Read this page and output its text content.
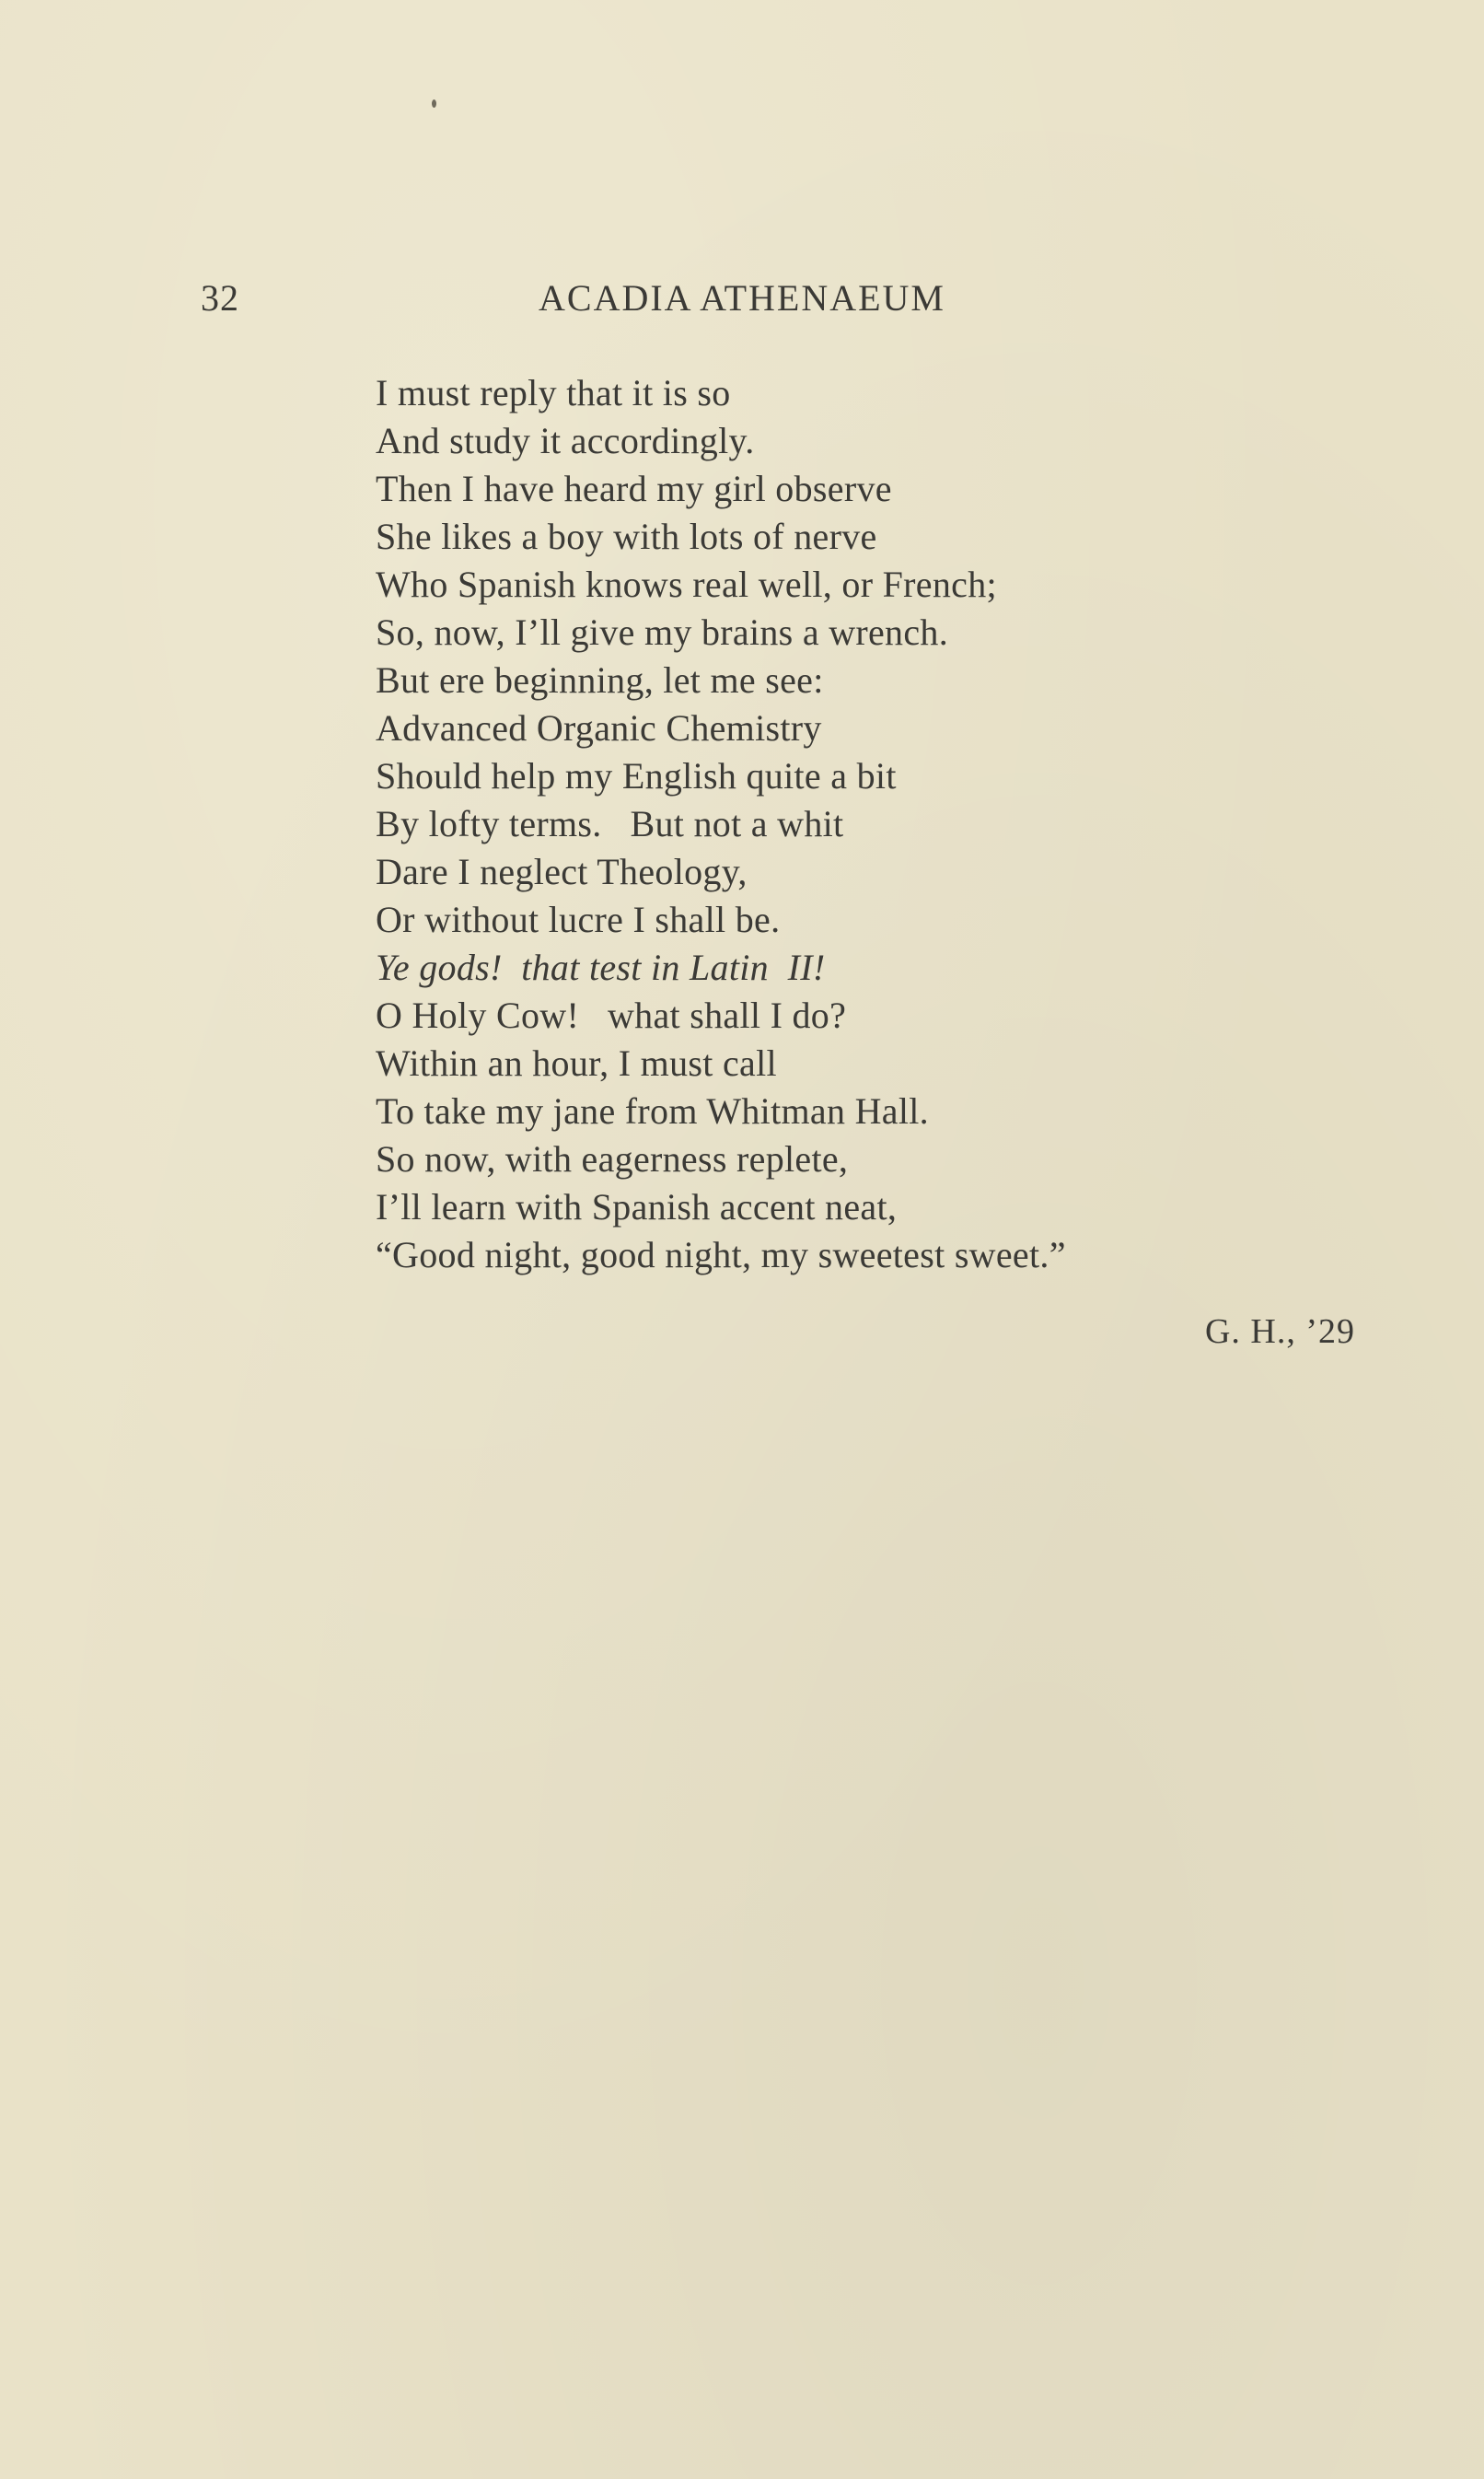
32	ACADIA ATHENAEUM
I must reply that it is so
And study it accordingly.
Then I have heard my girl observe
She likes a boy with lots of nerve
Who Spanish knows real well, or French;
So, now, I’ll give my brains a wrench.
But ere beginning, let me see:
Advanced Organic Chemistry
Should help my English quite a bit
By lofty terms.   But not a whit
Dare I neglect Theology,
Or without lucre I shall be.
Ye gods!  that test in Latin  II!
O Holy Cow!   what shall I do?
Within an hour, I must call
To take my jane from Whitman Hall.
So now, with eagerness replete,
I’ll learn with Spanish accent neat,
“Good night, good night, my sweetest sweet.”
G. H., ’29
